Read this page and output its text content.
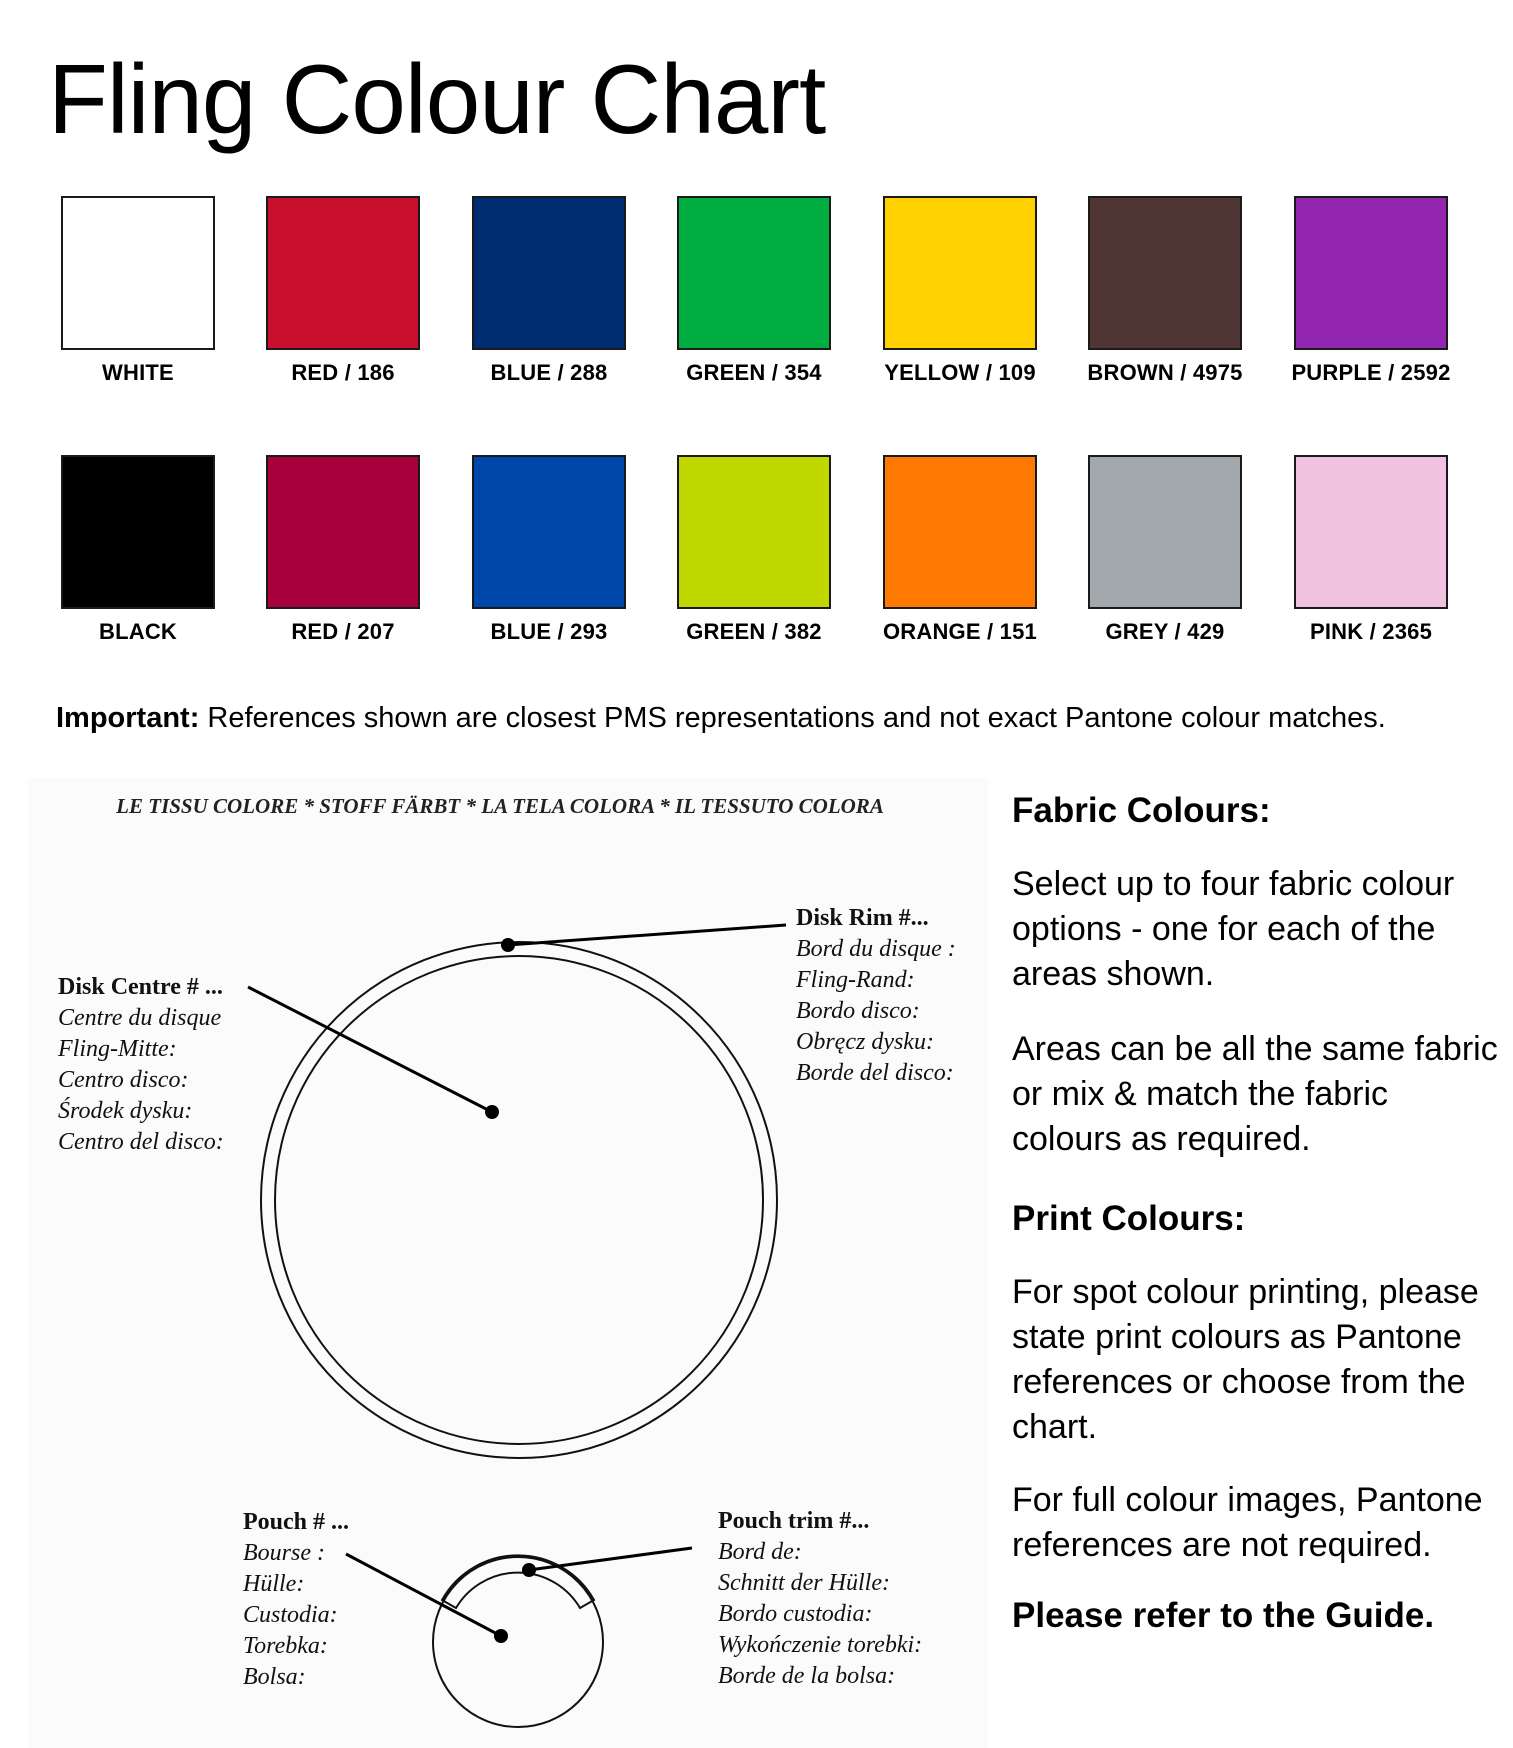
Fling Colour Chart
WHITE	RED / 186	BLUE / 288	GREEN / 354	YELLOW / 109	BROWN / 4975	PURPLE / 2592
BLACK	RED / 207	BLUE / 293	GREEN / 382	ORANGE / 151	GREY / 429	PINK / 2365
Important: References shown are closest PMS representations and not exact Pantone colour matches.
LE TISSU COLORE * STOFF FÄRBT * LA TELA COLORA * IL TESSUTO COLORA
Disk Centre # ...
Centre du disque
Fling-Mitte:
Centro disco:
Środek dysku:
Centro del disco:
Disk Rim #...
Bord du disque :
Fling-Rand:
Bordo disco:
Obręcz dysku:
Borde del disco:
Pouch # ...
Bourse :
Hülle:
Custodia:
Torebka:
Bolsa:
Pouch trim #...
Bord de:
Schnitt der Hülle:
Bordo custodia:
Wykończenie torebki:
Borde de la bolsa:
Fabric Colours:

Select up to four fabric colour options - one for each of the areas shown.

Areas can be all the same fabric or mix & match the fabric colours as required.

Print Colours:

For spot colour printing, please state print colours as Pantone references or choose from the chart.

For full colour images, Pantone references are not required.

Please refer to the Guide.
